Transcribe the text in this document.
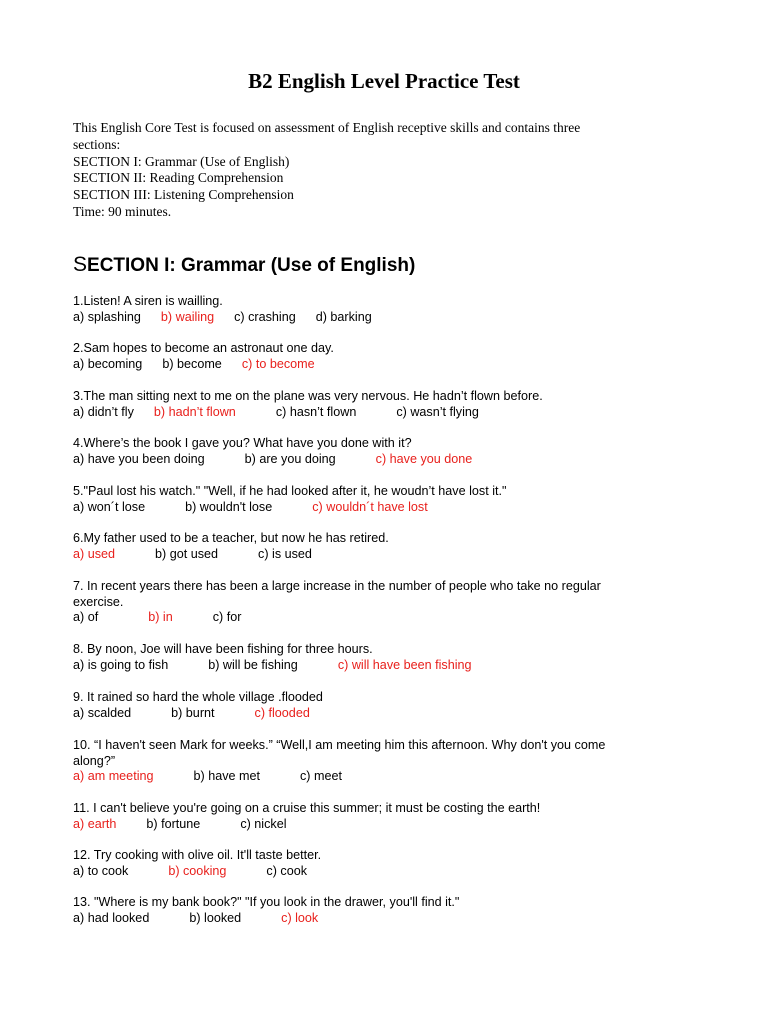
B2 English Level Practice Test
This English Core Test is focused on assessment of English receptive skills and contains three
sections:
SECTION I: Grammar (Use of English)
SECTION II: Reading Comprehension
SECTION III: Listening Comprehension
Time: 90 minutes.
SECTION I: Grammar (Use of English)
1.Listen! A siren is wailling.
a) splashing b) wailing c) crashing d) barking
2.Sam hopes to become an astronaut one day.
a) becoming b) become c) to become
3.The man sitting next to me on the plane was very nervous. He hadn’t flown before.
a) didn’t fly b) hadn’t flown	c) hasn’t flown	c) wasn’t flying
4.Where’s the book I gave you? What have you done with it?
a) have you been doing	b) are you doing	c) have you done
5."Paul lost his watch." "Well, if he had looked after it, he woudn’t have lost it."
a) won´t lose	b) wouldn't lose	c) wouldn´t have lost
6.My father used to be a teacher, but now he has retired.
a) used	b) got used	c) is used
7. In recent years there has been a large increase in the number of people who take no regular
exercise.
a) of	b) in	c) for
8. By noon, Joe will have been fishing for three hours.
a) is going to fish	b) will be fishing	c) will have been fishing
9. It rained so hard the whole village .flooded
a) scalded	b) burnt	c) flooded
10. “I haven't seen Mark for weeks.” “Well,I am meeting him this afternoon. Why don't you come
along?”
a) am meeting	b) have met	c) meet
11. I can't believe you're going on a cruise this summer; it must be costing the earth!
a) earth b) fortune	c) nickel
12. Try cooking with olive oil. It'll taste better.
a) to cook	b) cooking	c) cook
13. "Where is my bank book?" "If you look in the drawer, you'll find it."
a) had looked	b) looked	c) look
